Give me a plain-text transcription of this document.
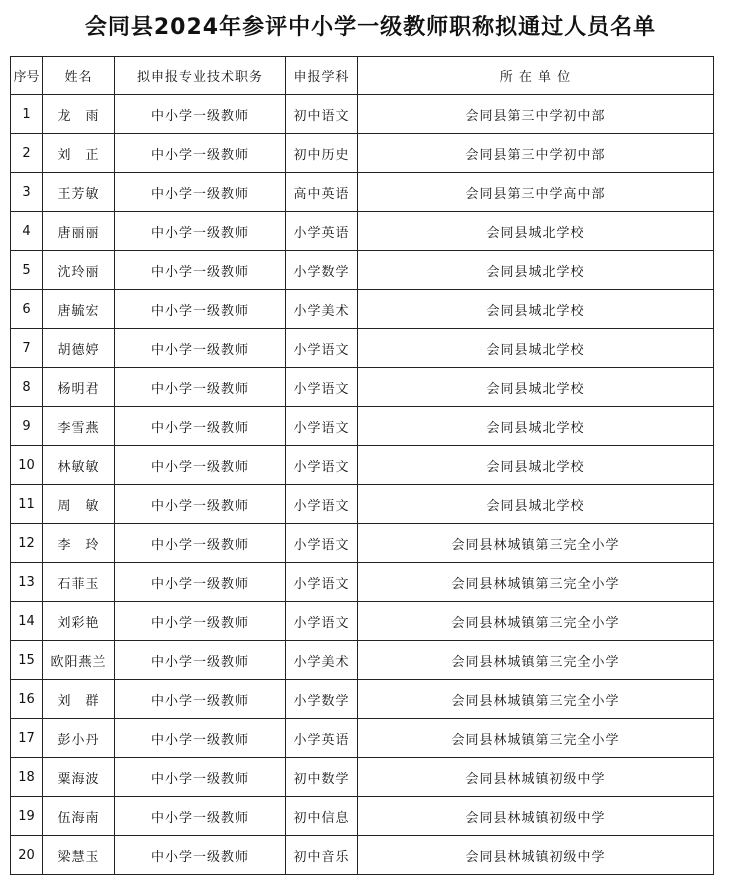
会同县2024年参评中小学一级教师职称拟通过人员名单
序号	姓名	拟申报专业技术职务	申报学科	所 在 单 位
1	龙　雨	中小学一级教师	初中语文	会同县第三中学初中部
2	刘　正	中小学一级教师	初中历史	会同县第三中学初中部
3	王芳敏	中小学一级教师	高中英语	会同县第三中学高中部
4	唐丽丽	中小学一级教师	小学英语	会同县城北学校
5	沈玲丽	中小学一级教师	小学数学	会同县城北学校
6	唐毓宏	中小学一级教师	小学美术	会同县城北学校
7	胡德婷	中小学一级教师	小学语文	会同县城北学校
8	杨明君	中小学一级教师	小学语文	会同县城北学校
9	李雪燕	中小学一级教师	小学语文	会同县城北学校
10	林敏敏	中小学一级教师	小学语文	会同县城北学校
11	周　敏	中小学一级教师	小学语文	会同县城北学校
12	李　玲	中小学一级教师	小学语文	会同县林城镇第三完全小学
13	石菲玉	中小学一级教师	小学语文	会同县林城镇第三完全小学
14	刘彩艳	中小学一级教师	小学语文	会同县林城镇第三完全小学
15	欧阳燕兰	中小学一级教师	小学美术	会同县林城镇第三完全小学
16	刘　群	中小学一级教师	小学数学	会同县林城镇第三完全小学
17	彭小丹	中小学一级教师	小学英语	会同县林城镇第三完全小学
18	粟海波	中小学一级教师	初中数学	会同县林城镇初级中学
19	伍海南	中小学一级教师	初中信息	会同县林城镇初级中学
20	梁慧玉	中小学一级教师	初中音乐	会同县林城镇初级中学
